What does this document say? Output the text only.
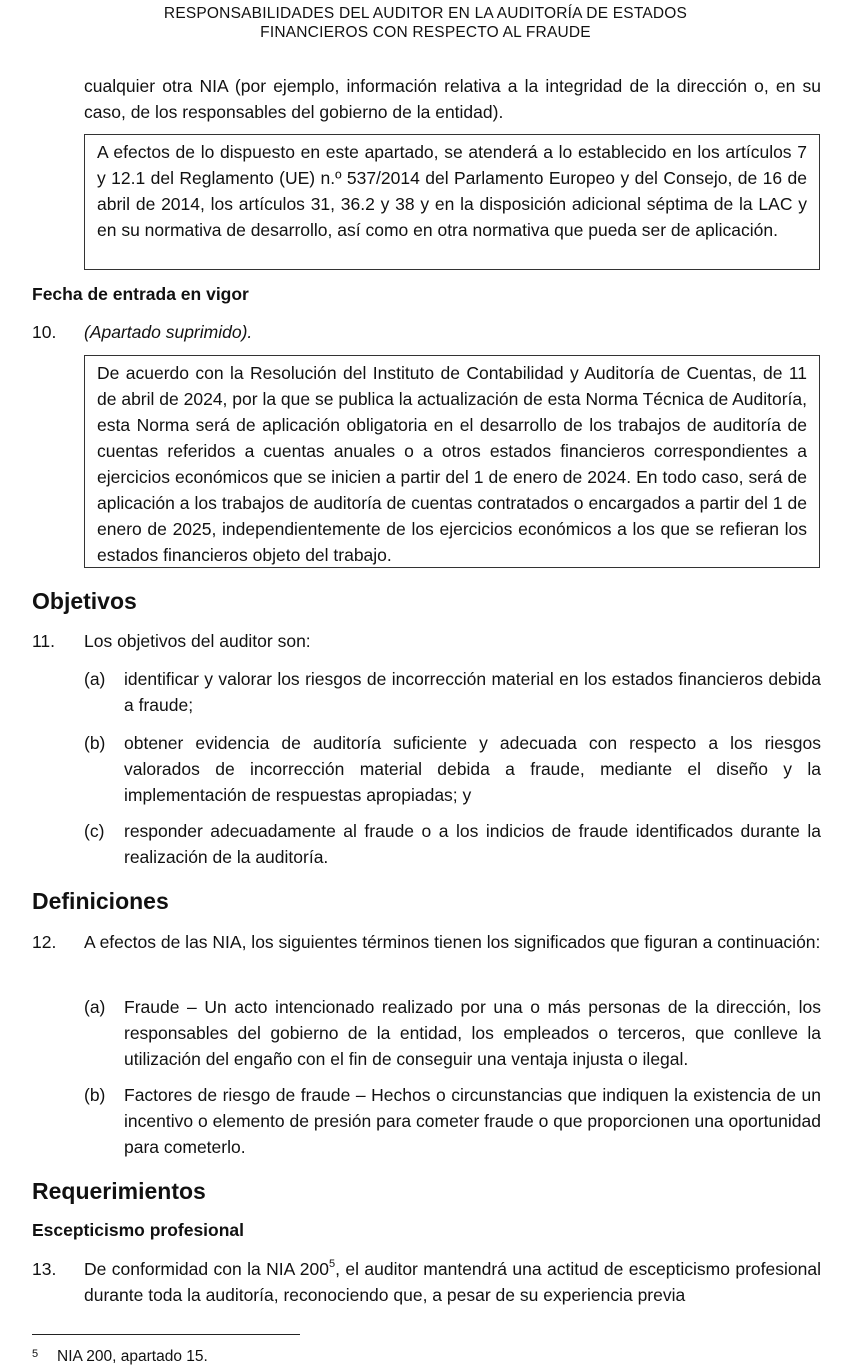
RESPONSABILIDADES DEL AUDITOR EN LA AUDITORÍA DE ESTADOS
FINANCIEROS CON RESPECTO AL FRAUDE
cualquier otra NIA (por ejemplo, información relativa a la integridad de la dirección o, en su caso, de los responsables del gobierno de la entidad).
A efectos de lo dispuesto en este apartado, se atenderá a lo establecido en los artículos 7 y 12.1 del Reglamento (UE) n.º 537/2014 del Parlamento Europeo y del Consejo, de 16 de abril de 2014, los artículos 31, 36.2 y 38 y en la disposición adicional séptima de la LAC y en su normativa de desarrollo, así como en otra normativa que pueda ser de aplicación.
Fecha de entrada en vigor
10. (Apartado suprimido).
De acuerdo con la Resolución del Instituto de Contabilidad y Auditoría de Cuentas, de 11 de abril de 2024, por la que se publica la actualización de esta Norma Técnica de Auditoría, esta Norma será de aplicación obligatoria en el desarrollo de los trabajos de auditoría de cuentas referidos a cuentas anuales o a otros estados financieros correspondientes a ejercicios económicos que se inicien a partir del 1 de enero de 2024. En todo caso, será de aplicación a los trabajos de auditoría de cuentas contratados o encargados a partir del 1 de enero de 2025, independientemente de los ejercicios económicos a los que se refieran los estados financieros objeto del trabajo.
Objetivos
11. Los objetivos del auditor son:
(a) identificar y valorar los riesgos de incorrección material en los estados financieros debida a fraude;
(b) obtener evidencia de auditoría suficiente y adecuada con respecto a los riesgos valorados de incorrección material debida a fraude, mediante el diseño y la implementación de respuestas apropiadas; y
(c) responder adecuadamente al fraude o a los indicios de fraude identificados durante la realización de la auditoría.
Definiciones
12. A efectos de las NIA, los siguientes términos tienen los significados que figuran a continuación:
(a) Fraude – Un acto intencionado realizado por una o más personas de la dirección, los responsables del gobierno de la entidad, los empleados o terceros, que conlleve la utilización del engaño con el fin de conseguir una ventaja injusta o ilegal.
(b) Factores de riesgo de fraude – Hechos o circunstancias que indiquen la existencia de un incentivo o elemento de presión para cometer fraude o que proporcionen una oportunidad para cometerlo.
Requerimientos
Escepticismo profesional
13. De conformidad con la NIA $200^5$, el auditor mantendrá una actitud de escepticismo profesional durante toda la auditoría, reconociendo que, a pesar de su experiencia previa
5 NIA 200, apartado 15.
